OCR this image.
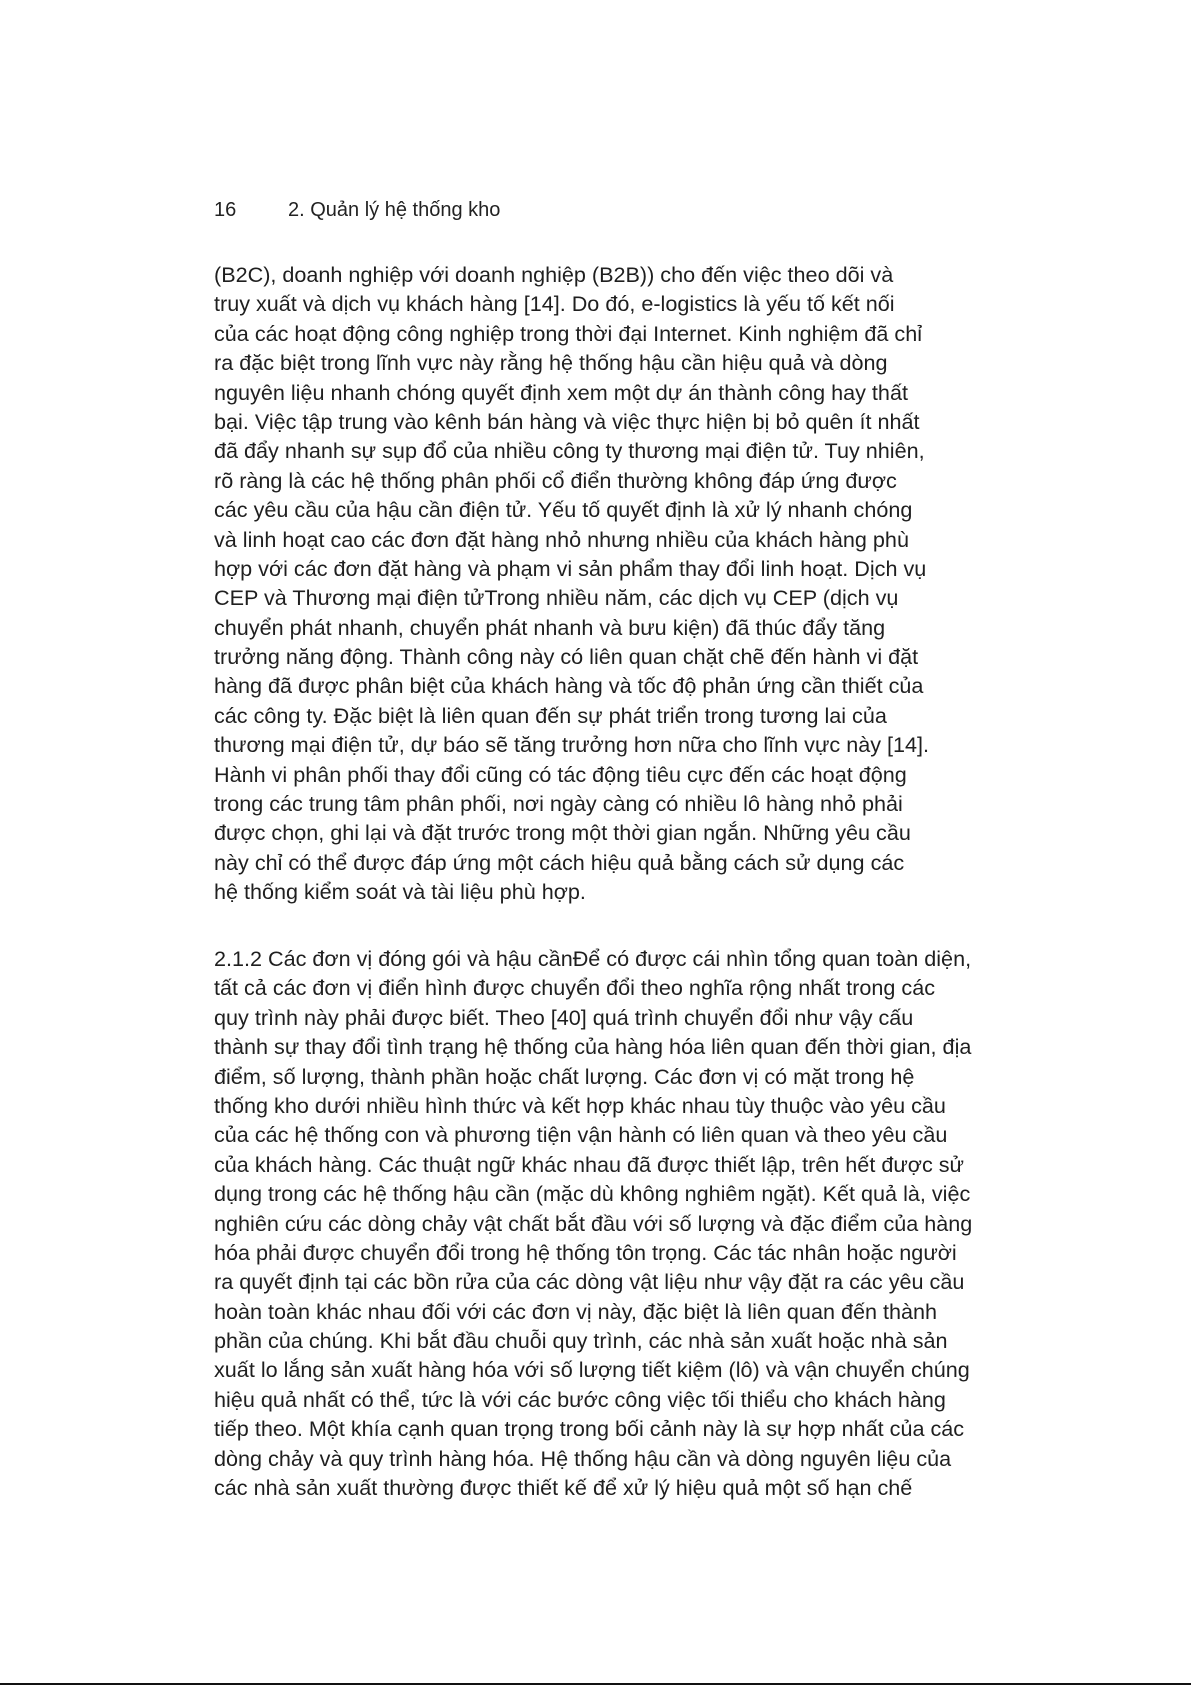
16	2. Quản lý hệ thống kho
(B2C), doanh nghiệp với doanh nghiệp (B2B)) cho đến việc theo dõi và
truy xuất và dịch vụ khách hàng [14]. Do đó, e-logistics là yếu tố kết nối
của các hoạt động công nghiệp trong thời đại Internet. Kinh nghiệm đã chỉ
ra đặc biệt trong lĩnh vực này rằng hệ thống hậu cần hiệu quả và dòng
nguyên liệu nhanh chóng quyết định xem một dự án thành công hay thất
bại. Việc tập trung vào kênh bán hàng và việc thực hiện bị bỏ quên ít nhất
đã đẩy nhanh sự sụp đổ của nhiều công ty thương mại điện tử. Tuy nhiên,
rõ ràng là các hệ thống phân phối cổ điển thường không đáp ứng được
các yêu cầu của hậu cần điện tử. Yếu tố quyết định là xử lý nhanh chóng
và linh hoạt cao các đơn đặt hàng nhỏ nhưng nhiều của khách hàng phù
hợp với các đơn đặt hàng và phạm vi sản phẩm thay đổi linh hoạt. Dịch vụ
CEP và Thương mại điện tửTrong nhiều năm, các dịch vụ CEP (dịch vụ
chuyển phát nhanh, chuyển phát nhanh và bưu kiện) đã thúc đẩy tăng
trưởng năng động. Thành công này có liên quan chặt chẽ đến hành vi đặt
hàng đã được phân biệt của khách hàng và tốc độ phản ứng cần thiết của
các công ty. Đặc biệt là liên quan đến sự phát triển trong tương lai của
thương mại điện tử, dự báo sẽ tăng trưởng hơn nữa cho lĩnh vực này [14].
Hành vi phân phối thay đổi cũng có tác động tiêu cực đến các hoạt động
trong các trung tâm phân phối, nơi ngày càng có nhiều lô hàng nhỏ phải
được chọn, ghi lại và đặt trước trong một thời gian ngắn. Những yêu cầu
này chỉ có thể được đáp ứng một cách hiệu quả bằng cách sử dụng các
hệ thống kiểm soát và tài liệu phù hợp.
2.1.2 Các đơn vị đóng gói và hậu cầnĐể có được cái nhìn tổng quan toàn diện,
tất cả các đơn vị điển hình được chuyển đổi theo nghĩa rộng nhất trong các
quy trình này phải được biết. Theo [40] quá trình chuyển đổi như vậy cấu
thành sự thay đổi tình trạng hệ thống của hàng hóa liên quan đến thời gian, địa
điểm, số lượng, thành phần hoặc chất lượng. Các đơn vị có mặt trong hệ
thống kho dưới nhiều hình thức và kết hợp khác nhau tùy thuộc vào yêu cầu
của các hệ thống con và phương tiện vận hành có liên quan và theo yêu cầu
của khách hàng. Các thuật ngữ khác nhau đã được thiết lập, trên hết được sử
dụng trong các hệ thống hậu cần (mặc dù không nghiêm ngặt). Kết quả là, việc
nghiên cứu các dòng chảy vật chất bắt đầu với số lượng và đặc điểm của hàng
hóa phải được chuyển đổi trong hệ thống tôn trọng. Các tác nhân hoặc người
ra quyết định tại các bồn rửa của các dòng vật liệu như vậy đặt ra các yêu cầu
hoàn toàn khác nhau đối với các đơn vị này, đặc biệt là liên quan đến thành
phần của chúng. Khi bắt đầu chuỗi quy trình, các nhà sản xuất hoặc nhà sản
xuất lo lắng sản xuất hàng hóa với số lượng tiết kiệm (lô) và vận chuyển chúng
hiệu quả nhất có thể, tức là với các bước công việc tối thiểu cho khách hàng
tiếp theo. Một khía cạnh quan trọng trong bối cảnh này là sự hợp nhất của các
dòng chảy và quy trình hàng hóa. Hệ thống hậu cần và dòng nguyên liệu của
các nhà sản xuất thường được thiết kế để xử lý hiệu quả một số hạn chế
